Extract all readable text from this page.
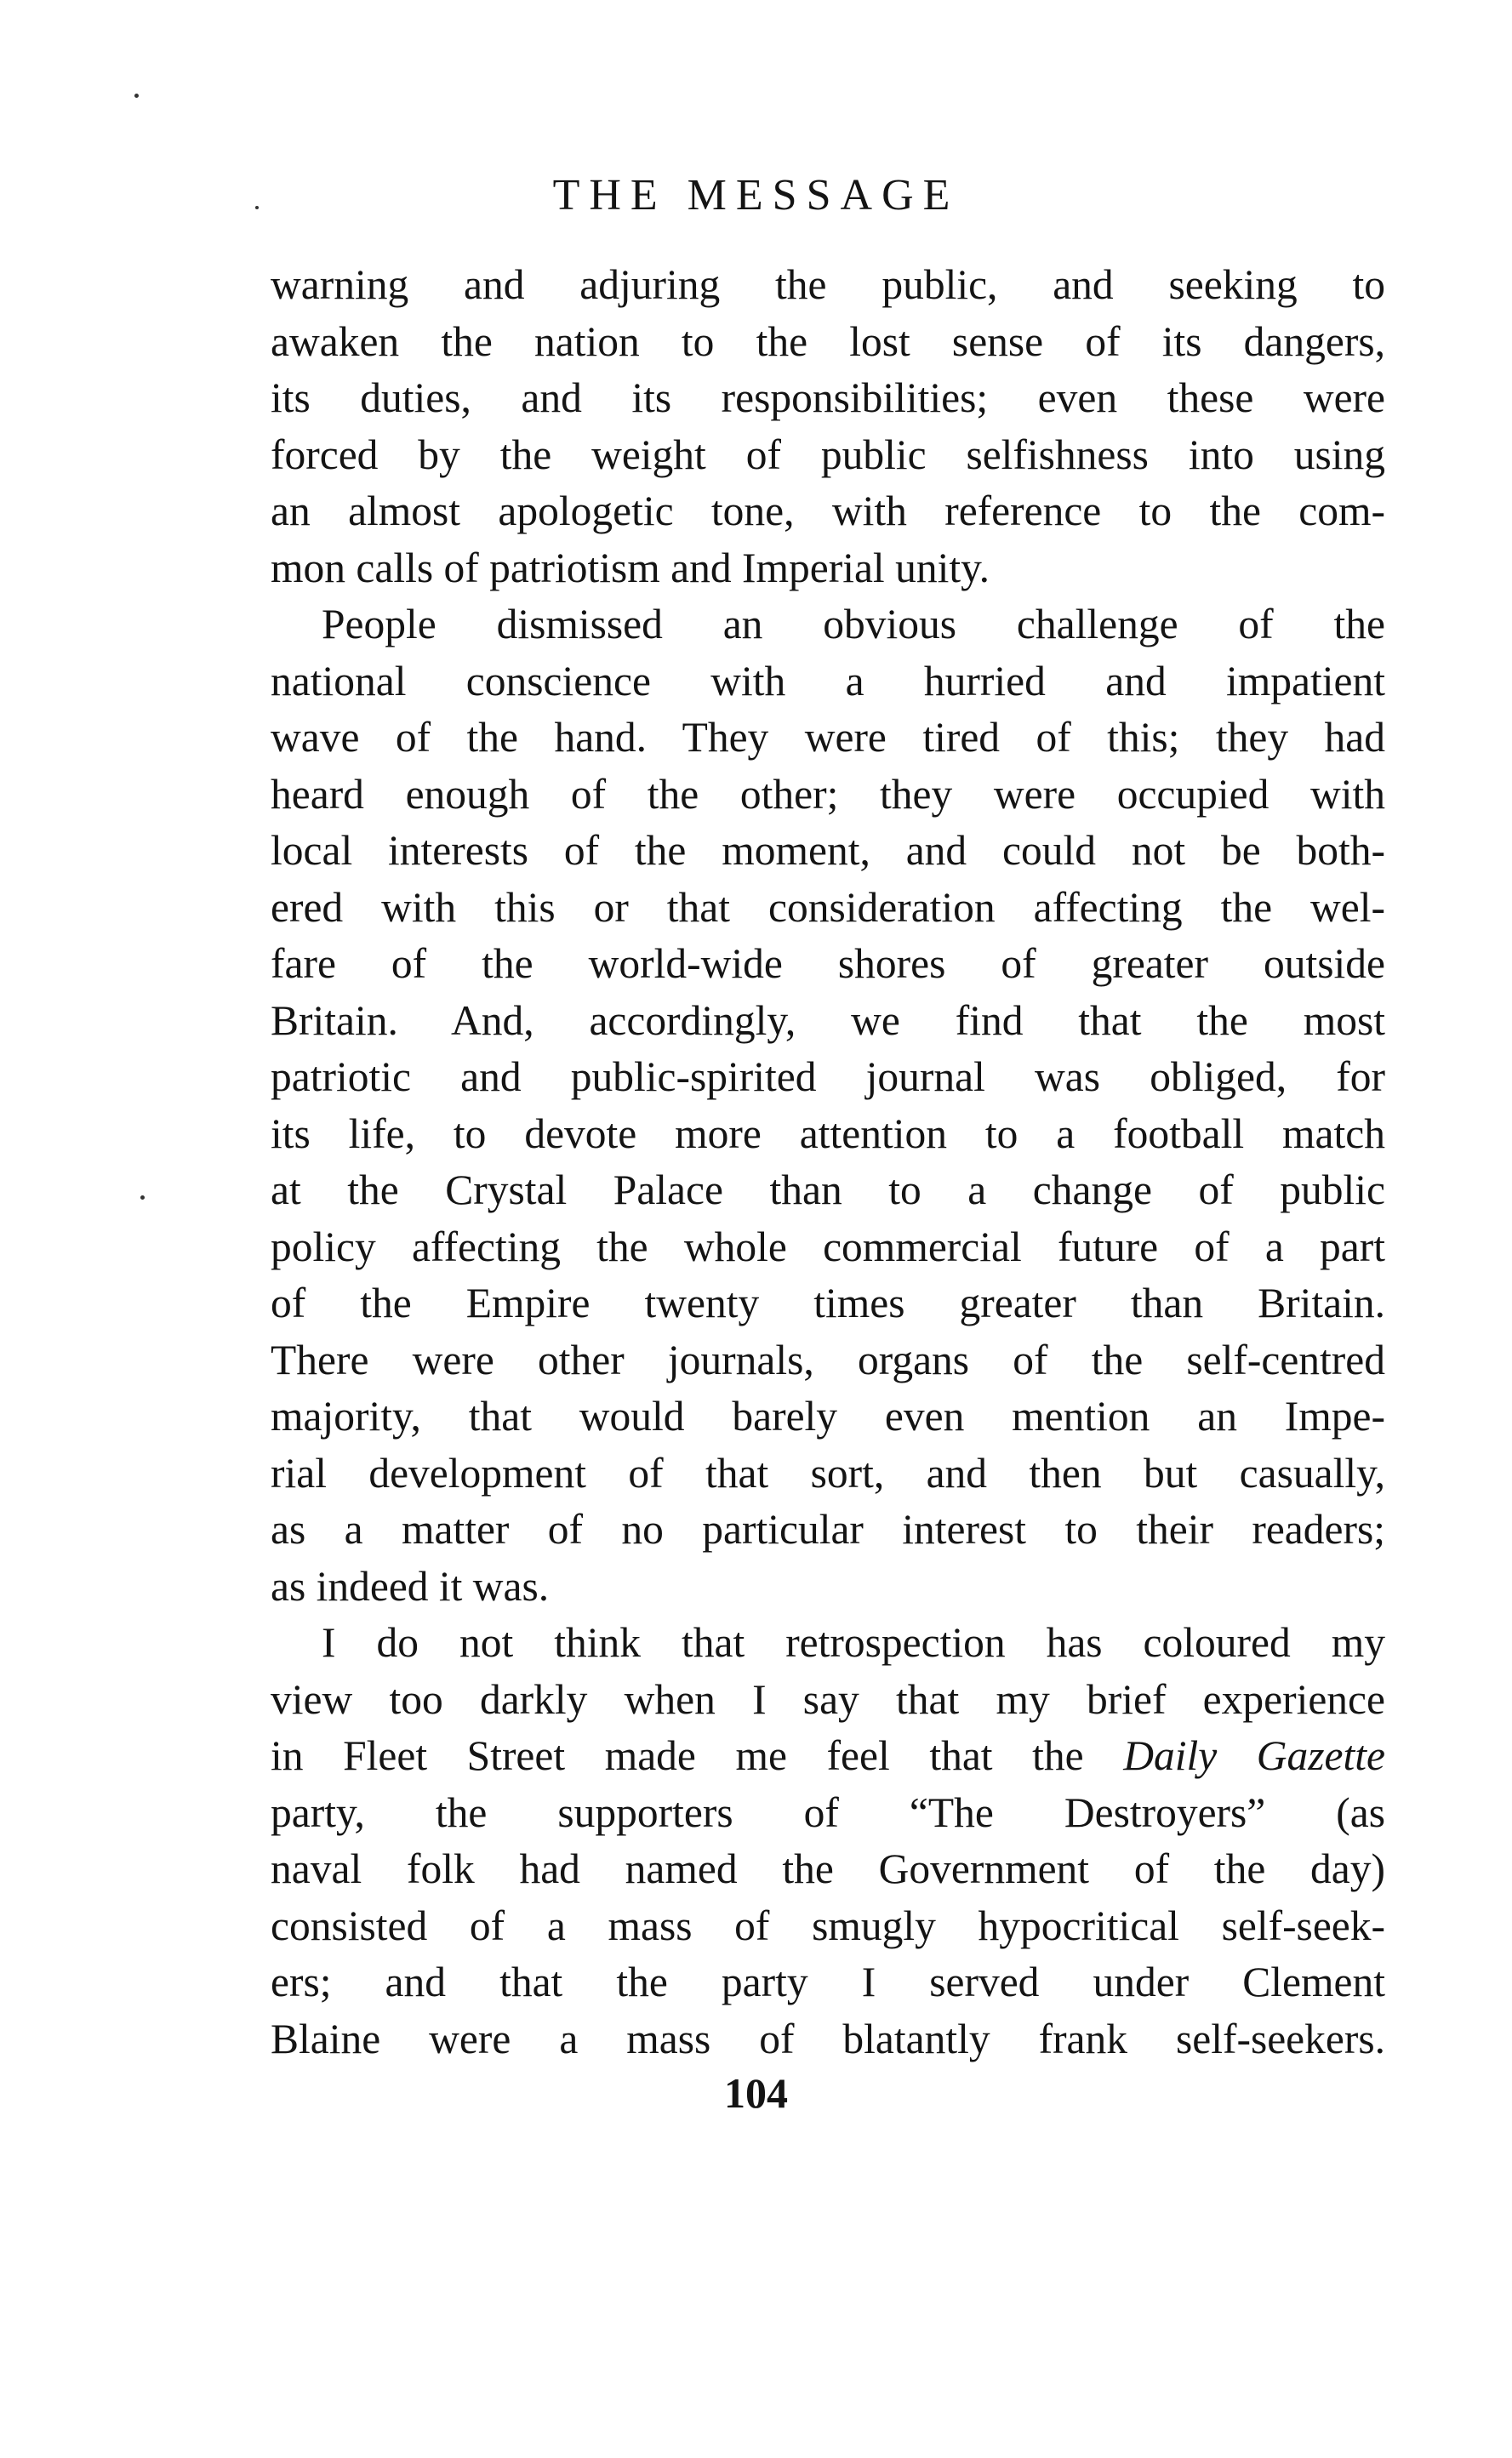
THE MESSAGE
warning and adjuring the public, and seeking to
awaken the nation to the lost sense of its dangers,
its duties, and its responsibilities; even these were
forced by the weight of public selfishness into using
an almost apologetic tone, with reference to the com-
mon calls of patriotism and Imperial unity.
People dismissed an obvious challenge of the
national conscience with a hurried and impatient
wave of the hand. They were tired of this; they had
heard enough of the other; they were occupied with
local interests of the moment, and could not be both-
ered with this or that consideration affecting the wel-
fare of the world-wide shores of greater outside
Britain. And, accordingly, we find that the most
patriotic and public-spirited journal was obliged, for
its life, to devote more attention to a football match
at the Crystal Palace than to a change of public
policy affecting the whole commercial future of a part
of the Empire twenty times greater than Britain.
There were other journals, organs of the self-centred
majority, that would barely even mention an Impe-
rial development of that sort, and then but casually,
as a matter of no particular interest to their readers;
as indeed it was.
I do not think that retrospection has coloured my
view too darkly when I say that my brief experience
in Fleet Street made me feel that the Daily Gazette
party, the supporters of “The Destroyers” (as
naval folk had named the Government of the day)
consisted of a mass of smugly hypocritical self-seek-
ers; and that the party I served under Clement
Blaine were a mass of blatantly frank self-seekers.
104
